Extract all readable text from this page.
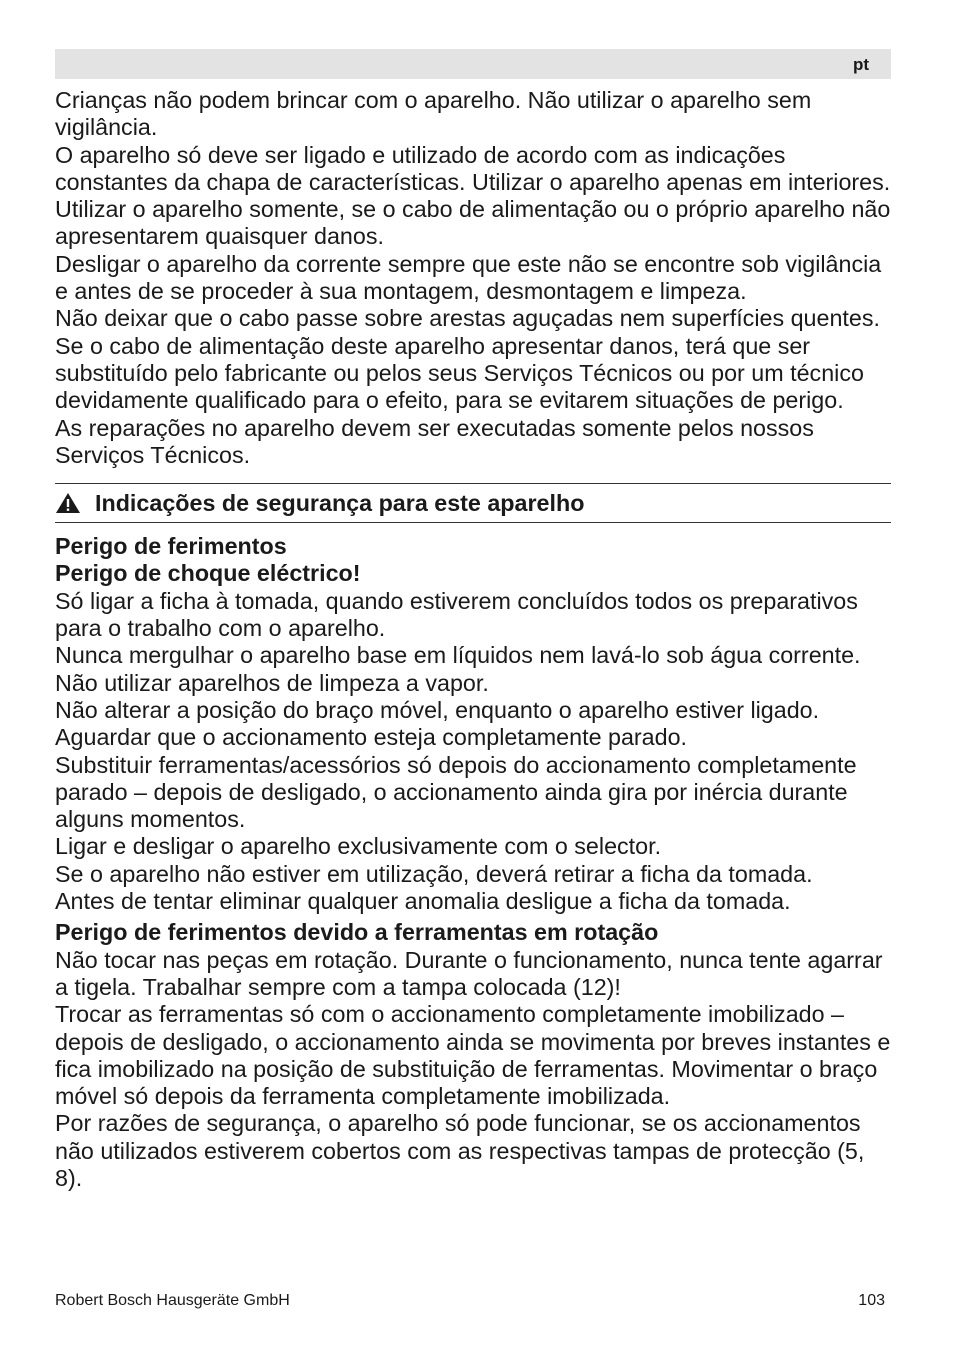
pt

Crianças não podem brincar com o aparelho. Não utilizar o aparelho sem vigilância.

O aparelho só deve ser ligado e utilizado de acordo com as indicações constantes da chapa de características. Utilizar o aparelho apenas em interiores. Utilizar o aparelho somente, se o cabo de alimentação ou o próprio aparelho não apresentarem quaisquer danos.

Desligar o aparelho da corrente sempre que este não se encontre sob vigilância e antes de se proceder à sua montagem, desmontagem e limpeza.

Não deixar que o cabo passe sobre arestas aguçadas nem superfícies quentes. Se o cabo de alimentação deste aparelho apresentar danos, terá que ser substituído pelo fabricante ou pelos seus Serviços Técnicos ou por um técnico devidamente qualificado para o efeito, para se evitarem situações de perigo.

As reparações no aparelho devem ser executadas somente pelos nossos Serviços Técnicos.

Indicações de segurança para este aparelho

Perigo de ferimentos

Perigo de choque eléctrico!

Só ligar a ficha à tomada, quando estiverem concluídos todos os preparativos para o trabalho com o aparelho.

Nunca mergulhar o aparelho base em líquidos nem lavá-lo sob água corrente. Não utilizar aparelhos de limpeza a vapor.

Não alterar a posição do braço móvel, enquanto o aparelho estiver ligado. Aguardar que o accionamento esteja completamente parado.

Substituir ferramentas/acessórios só depois do accionamento completamente parado – depois de desligado, o accionamento ainda gira por inércia durante alguns momentos.

Ligar e desligar o aparelho exclusivamente com o selector.

Se o aparelho não estiver em utilização, deverá retirar a ficha da tomada.

Antes de tentar eliminar qualquer anomalia desligue a ficha da tomada.

Perigo de ferimentos devido a ferramentas em rotação

Não tocar nas peças em rotação. Durante o funcionamento, nunca tente agarrar a tigela. Trabalhar sempre com a tampa colocada (12)!

Trocar as ferramentas só com o accionamento completamente imobilizado – depois de desligado, o accionamento ainda se movimenta por breves instantes e fica imobilizado na posição de substituição de ferramentas. Movimentar o braço móvel só depois da ferramenta completamente imobilizada.

Por razões de segurança, o aparelho só pode funcionar, se os accionamentos não utilizados estiverem cobertos com as respectivas tampas de protecção (5, 8).

Robert Bosch Hausgeräte GmbH	103
